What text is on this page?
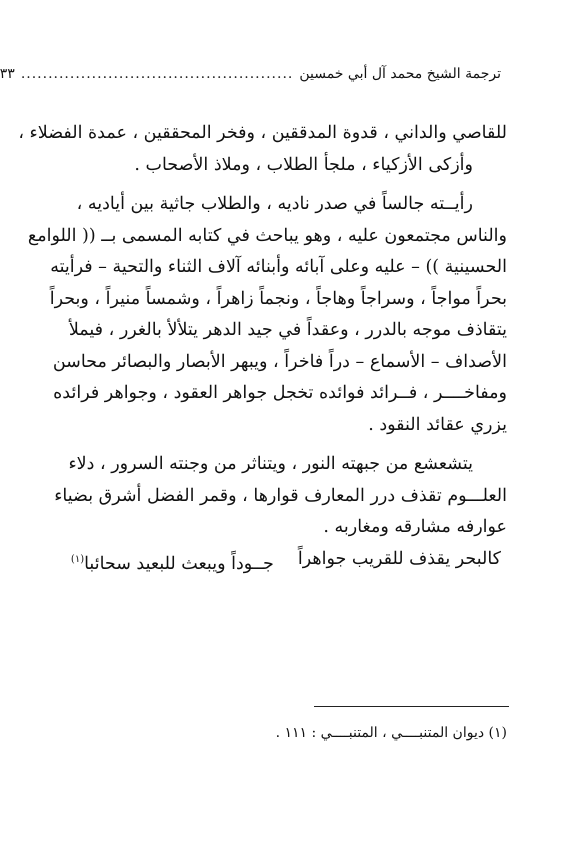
ترجمة الشيخ محمد آل أبي خمسين
..................................................
٣٣
للقاصي والداني ، قدوة المدققين ، وفخر المحققين ، عمدة الفضلاء ،
وأزكى الأزكياء ، ملجأ الطلاب ، وملاذ الأصحاب .
رأيــته جالساً في صدر ناديه ، والطلاب جاثية بين أياديه ،
والناس مجتمعون عليه ، وهو يباحث في كتابه المسمى بــ (( اللوامع
الحسينية )) – عليه وعلى آبائه وأبنائه آلاف الثناء والتحية – فرأيته
بحراً مواجاً ، وسراجاً وهاجاً ، ونجماً زاهراً ، وشمساً منيراً ، وبحراً
يتقاذف موجه بالدرر ، وعقداً في جيد الدهر يتلألأ بالغرر ، فيملأ
الأصداف – الأسماع – دراً فاخراً ، ويبهر الأبصار والبصائر محاسن
ومفاخــــر ، فــرائد فوائده تخجل جواهر العقود ، وجواهر فرائده
يزري عقائد النقود .
يتشعشع من جبهته النور ، ويتناثر من وجنته السرور ، دلاء
العلـــوم تقذف درر المعارف قوارها ، وقمر الفضل أشرق بضياء
عوارفه مشارقه ومغاربه .
كالبحر يقذف للقريب جواهراً
جــوداً ويبعث للبعيد سحائبا$^{(١)}$
(١) ديوان المتنبــــي ، المتنبــــي : ١١١ .
